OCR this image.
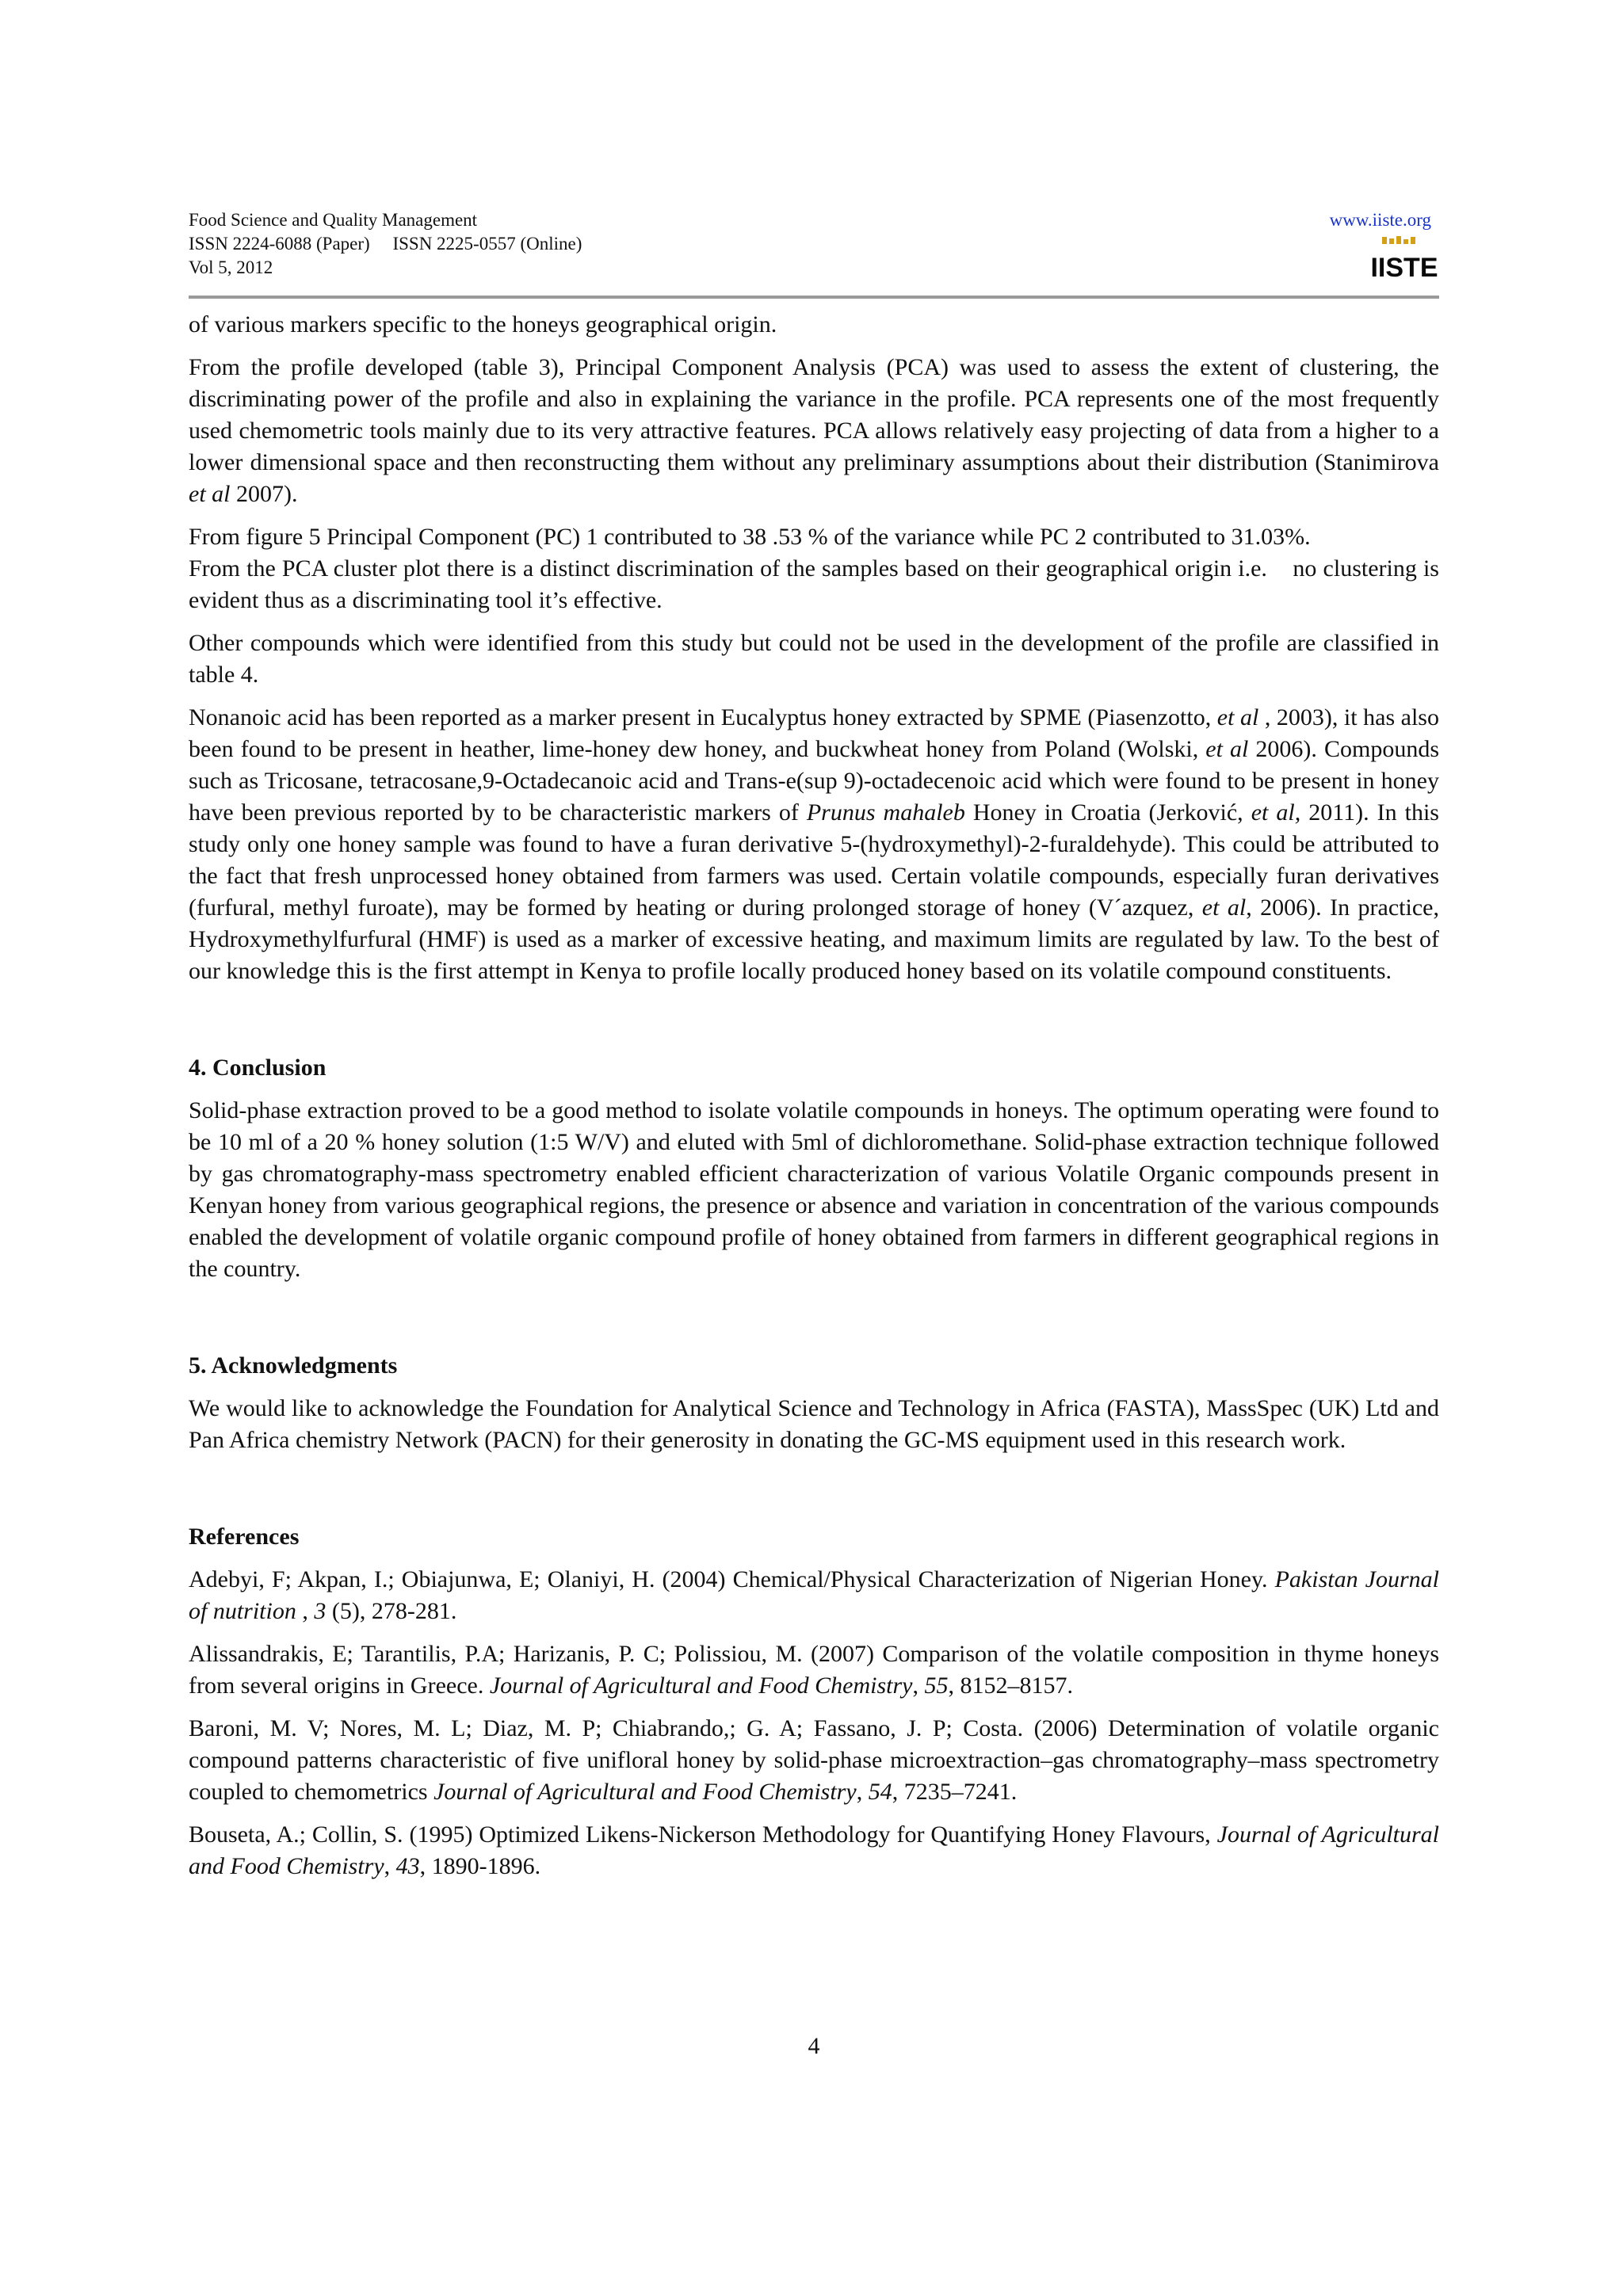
Food Science and Quality Management
ISSN 2224-6088 (Paper)     ISSN 2225-0557 (Online)
Vol 5, 2012
www.iiste.org
IISTE

of various markers specific to the honeys geographical origin.

From the profile developed (table 3), Principal Component Analysis (PCA) was used to assess the extent of clustering, the discriminating power of the profile and also in explaining the variance in the profile. PCA represents one of the most frequently used chemometric tools mainly due to its very attractive features. PCA allows relatively easy projecting of data from a higher to a lower dimensional space and then reconstructing them without any preliminary assumptions about their distribution (Stanimirova et al 2007).

From figure 5 Principal Component (PC) 1 contributed to 38 .53 % of the variance while PC 2 contributed to 31.03%.
From the PCA cluster plot there is a distinct discrimination of the samples based on their geographical origin i.e.    no clustering is evident thus as a discriminating tool it’s effective.

Other compounds which were identified from this study but could not be used in the development of the profile are classified in table 4.

Nonanoic acid has been reported as a marker present in Eucalyptus honey extracted by SPME (Piasenzotto, et al , 2003), it has also been found to be present in heather, lime-honey dew honey, and buckwheat honey from Poland (Wolski, et al 2006). Compounds such as Tricosane, tetracosane,9-Octadecanoic acid and Trans-e(sup 9)-octadecenoic acid which were found to be present in honey have been previous reported by to be characteristic markers of Prunus mahaleb Honey in Croatia (Jerković, et al, 2011). In this study only one honey sample was found to have a furan derivative 5-(hydroxymethyl)-2-furaldehyde). This could be attributed to the fact that fresh unprocessed honey obtained from farmers was used. Certain volatile compounds, especially furan derivatives (furfural, methyl furoate), may be formed by heating or during prolonged storage of honey (V´azquez, et al, 2006). In practice, Hydroxymethylfurfural (HMF) is used as a marker of excessive heating, and maximum limits are regulated by law. To the best of our knowledge this is the first attempt in Kenya to profile locally produced honey based on its volatile compound constituents.

4. Conclusion

Solid-phase extraction proved to be a good method to isolate volatile compounds in honeys. The optimum operating were found to be 10 ml of a 20 % honey solution (1:5 W/V) and eluted with 5ml of dichloromethane. Solid-phase extraction technique followed by gas chromatography-mass spectrometry enabled efficient characterization of various Volatile Organic compounds present in Kenyan honey from various geographical regions, the presence or absence and variation in concentration of the various compounds enabled the development of volatile organic compound profile of honey obtained from farmers in different geographical regions in the country.

5. Acknowledgments

We would like to acknowledge the Foundation for Analytical Science and Technology in Africa (FASTA), MassSpec (UK) Ltd and Pan Africa chemistry Network (PACN) for their generosity in donating the GC-MS equipment used in this research work.

References

Adebyi, F; Akpan, I.; Obiajunwa, E; Olaniyi, H. (2004) Chemical/Physical Characterization of Nigerian Honey. Pakistan Journal of nutrition , 3 (5), 278-281.

Alissandrakis, E; Tarantilis, P.A; Harizanis, P. C; Polissiou, M. (2007) Comparison of the volatile composition in thyme honeys from several origins in Greece. Journal of Agricultural and Food Chemistry, 55, 8152–8157.

Baroni, M. V; Nores, M. L; Diaz, M. P; Chiabrando,; G. A; Fassano, J. P; Costa. (2006) Determination of volatile organic compound patterns characteristic of five unifloral honey by solid-phase microextraction–gas chromatography–mass spectrometry coupled to chemometrics Journal of Agricultural and Food Chemistry, 54, 7235–7241.

Bouseta, A.; Collin, S. (1995) Optimized Likens-Nickerson Methodology for Quantifying Honey Flavours, Journal of Agricultural and Food Chemistry, 43, 1890-1896.

4
